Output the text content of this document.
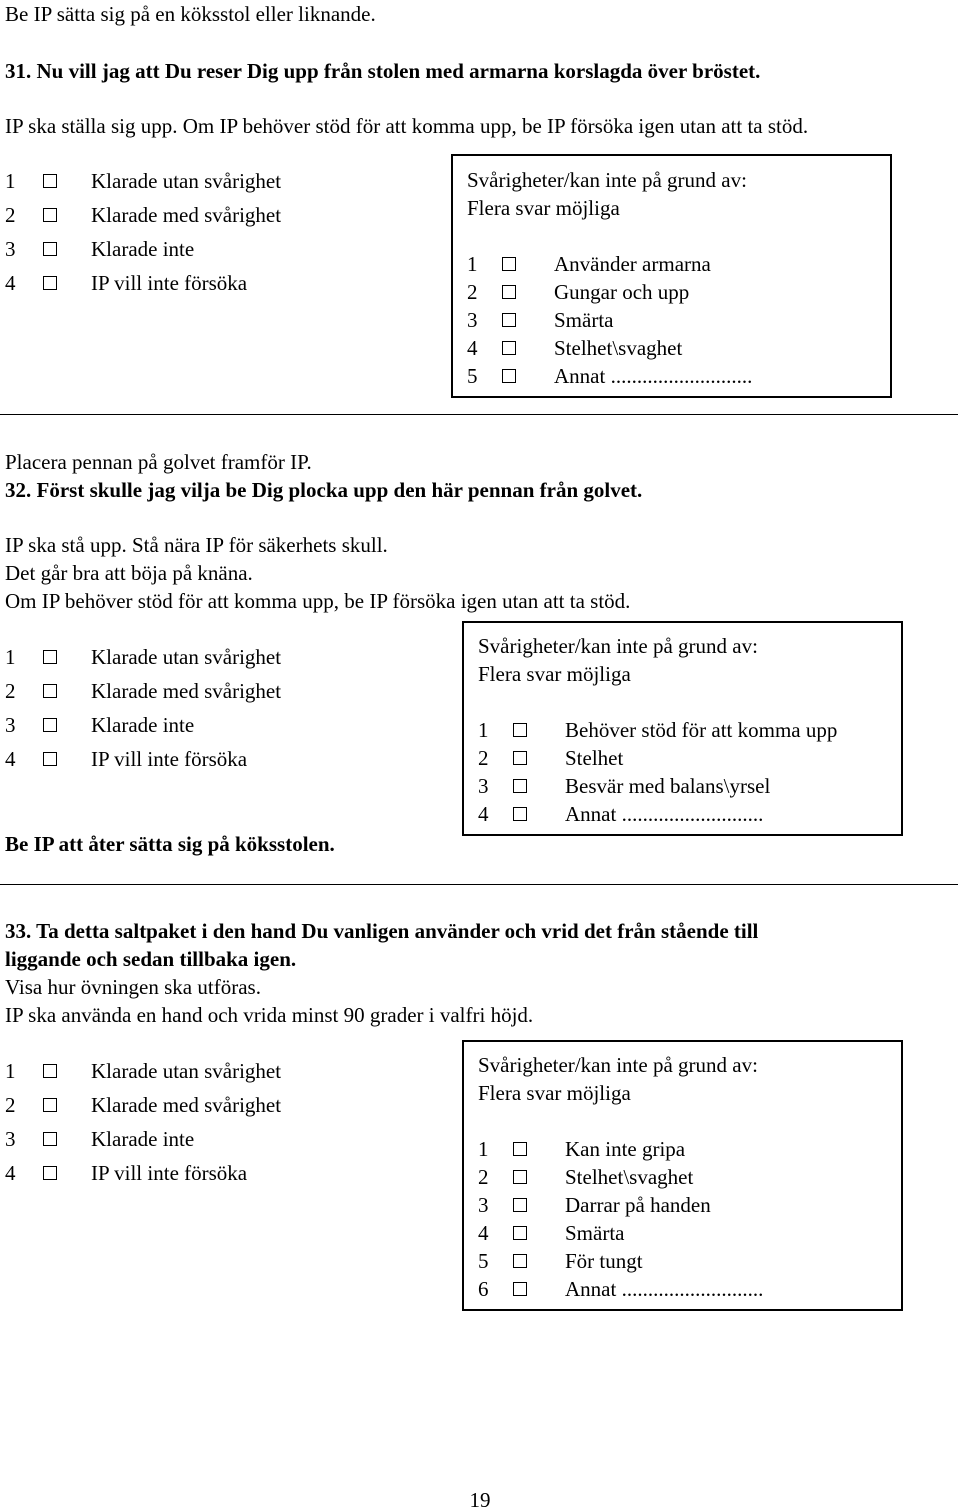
Be IP sätta sig på en köksstol eller liknande.
31. Nu vill jag att Du reser Dig upp från stolen med armarna korslagda över bröstet.
IP ska ställa sig upp. Om IP behöver stöd för att komma upp, be IP försöka igen utan att ta stöd.
1	Klarade utan svårighet
2	Klarade med svårighet
3	Klarade inte
4	IP vill inte försöka
Svårigheter/kan inte på grund av:
Flera svar möjliga
1	Använder armarna
2	Gungar och upp
3	Smärta
4	Stelhet\svaghet
5	Annat ...........................
Placera pennan på golvet framför IP.
32. Först skulle jag vilja be Dig plocka upp den här pennan från golvet.
IP ska stå upp. Stå nära IP för säkerhets skull.
Det går bra att böja på knäna.
Om IP behöver stöd för att komma upp, be IP försöka igen utan att ta stöd.
1	Klarade utan svårighet
2	Klarade med svårighet
3	Klarade inte
4	IP vill inte försöka
Svårigheter/kan inte på grund av:
Flera svar möjliga
1	Behöver stöd för att komma upp
2	Stelhet
3	Besvär med balans\yrsel
4	Annat ...........................
Be IP att åter sätta sig på köksstolen.
33. Ta detta saltpaket i den hand Du vanligen använder och vrid det från stående till
liggande och sedan tillbaka igen.
Visa hur övningen ska utföras.
IP ska använda en hand och vrida minst 90 grader i valfri höjd.
1	Klarade utan svårighet
2	Klarade med svårighet
3	Klarade inte
4	IP vill inte försöka
Svårigheter/kan inte på grund av:
Flera svar möjliga
1	Kan inte gripa
2	Stelhet\svaghet
3	Darrar på handen
4	Smärta
5	För tungt
6	Annat ...........................
19
